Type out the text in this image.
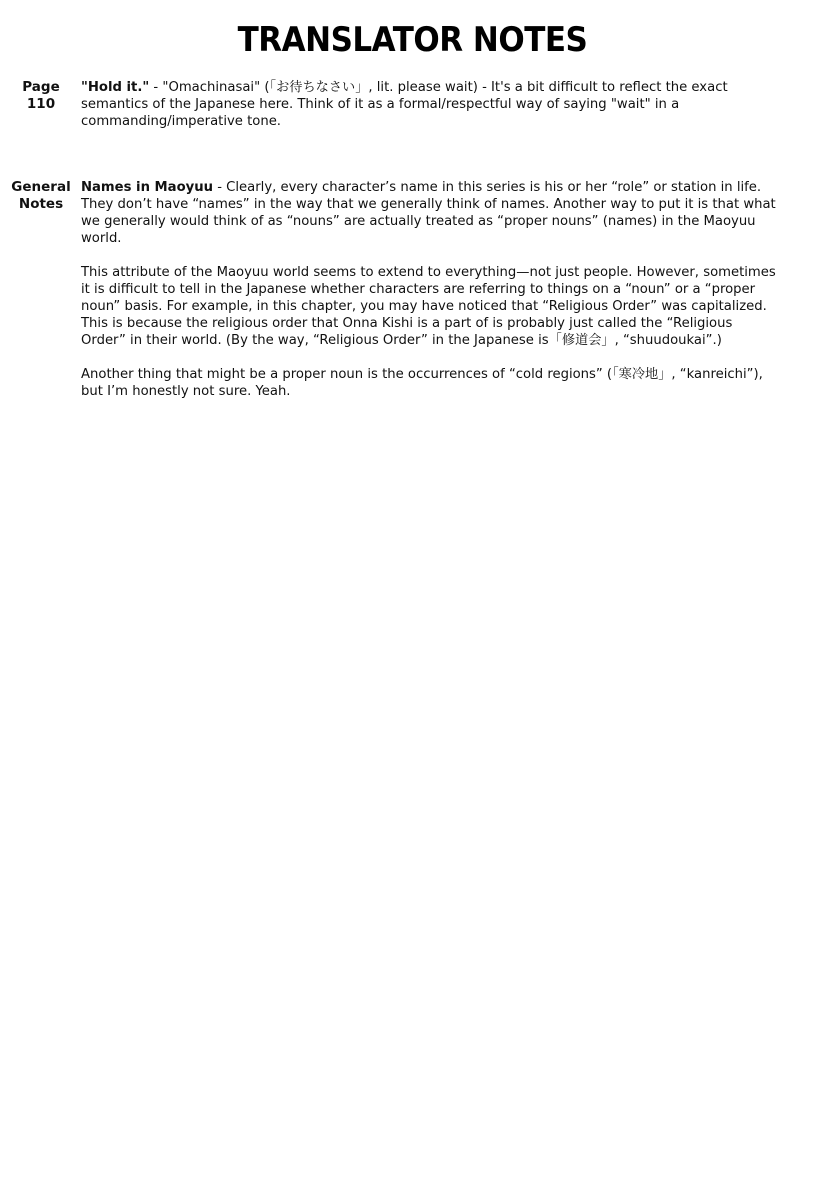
TRANSLATOR NOTES
Page
110
"Hold it." - "Omachinasai" (「お待ちなさい」, lit. please wait) - It's a bit difficult to reflect the exact
semantics of the Japanese here. Think of it as a formal/respectful way of saying "wait" in a
commanding/imperative tone.
General
Notes
Names in Maoyuu - Clearly, every character’s name in this series is his or her “role” or station in life.
They don’t have “names” in the way that we generally think of names. Another way to put it is that what
we generally would think of as “nouns” are actually treated as “proper nouns” (names) in the Maoyuu
world.
This attribute of the Maoyuu world seems to extend to everything—not just people. However, sometimes
it is difficult to tell in the Japanese whether characters are referring to things on a “noun” or a “proper
noun” basis. For example, in this chapter, you may have noticed that “Religious Order” was capitalized.
This is because the religious order that Onna Kishi is a part of is probably just called the “Religious
Order” in their world. (By the way, “Religious Order” in the Japanese is「修道会」, “shuudoukai”.)
Another thing that might be a proper noun is the occurrences of “cold regions” (「寒冷地」, “kanreichi”),
but I’m honestly not sure. Yeah.
